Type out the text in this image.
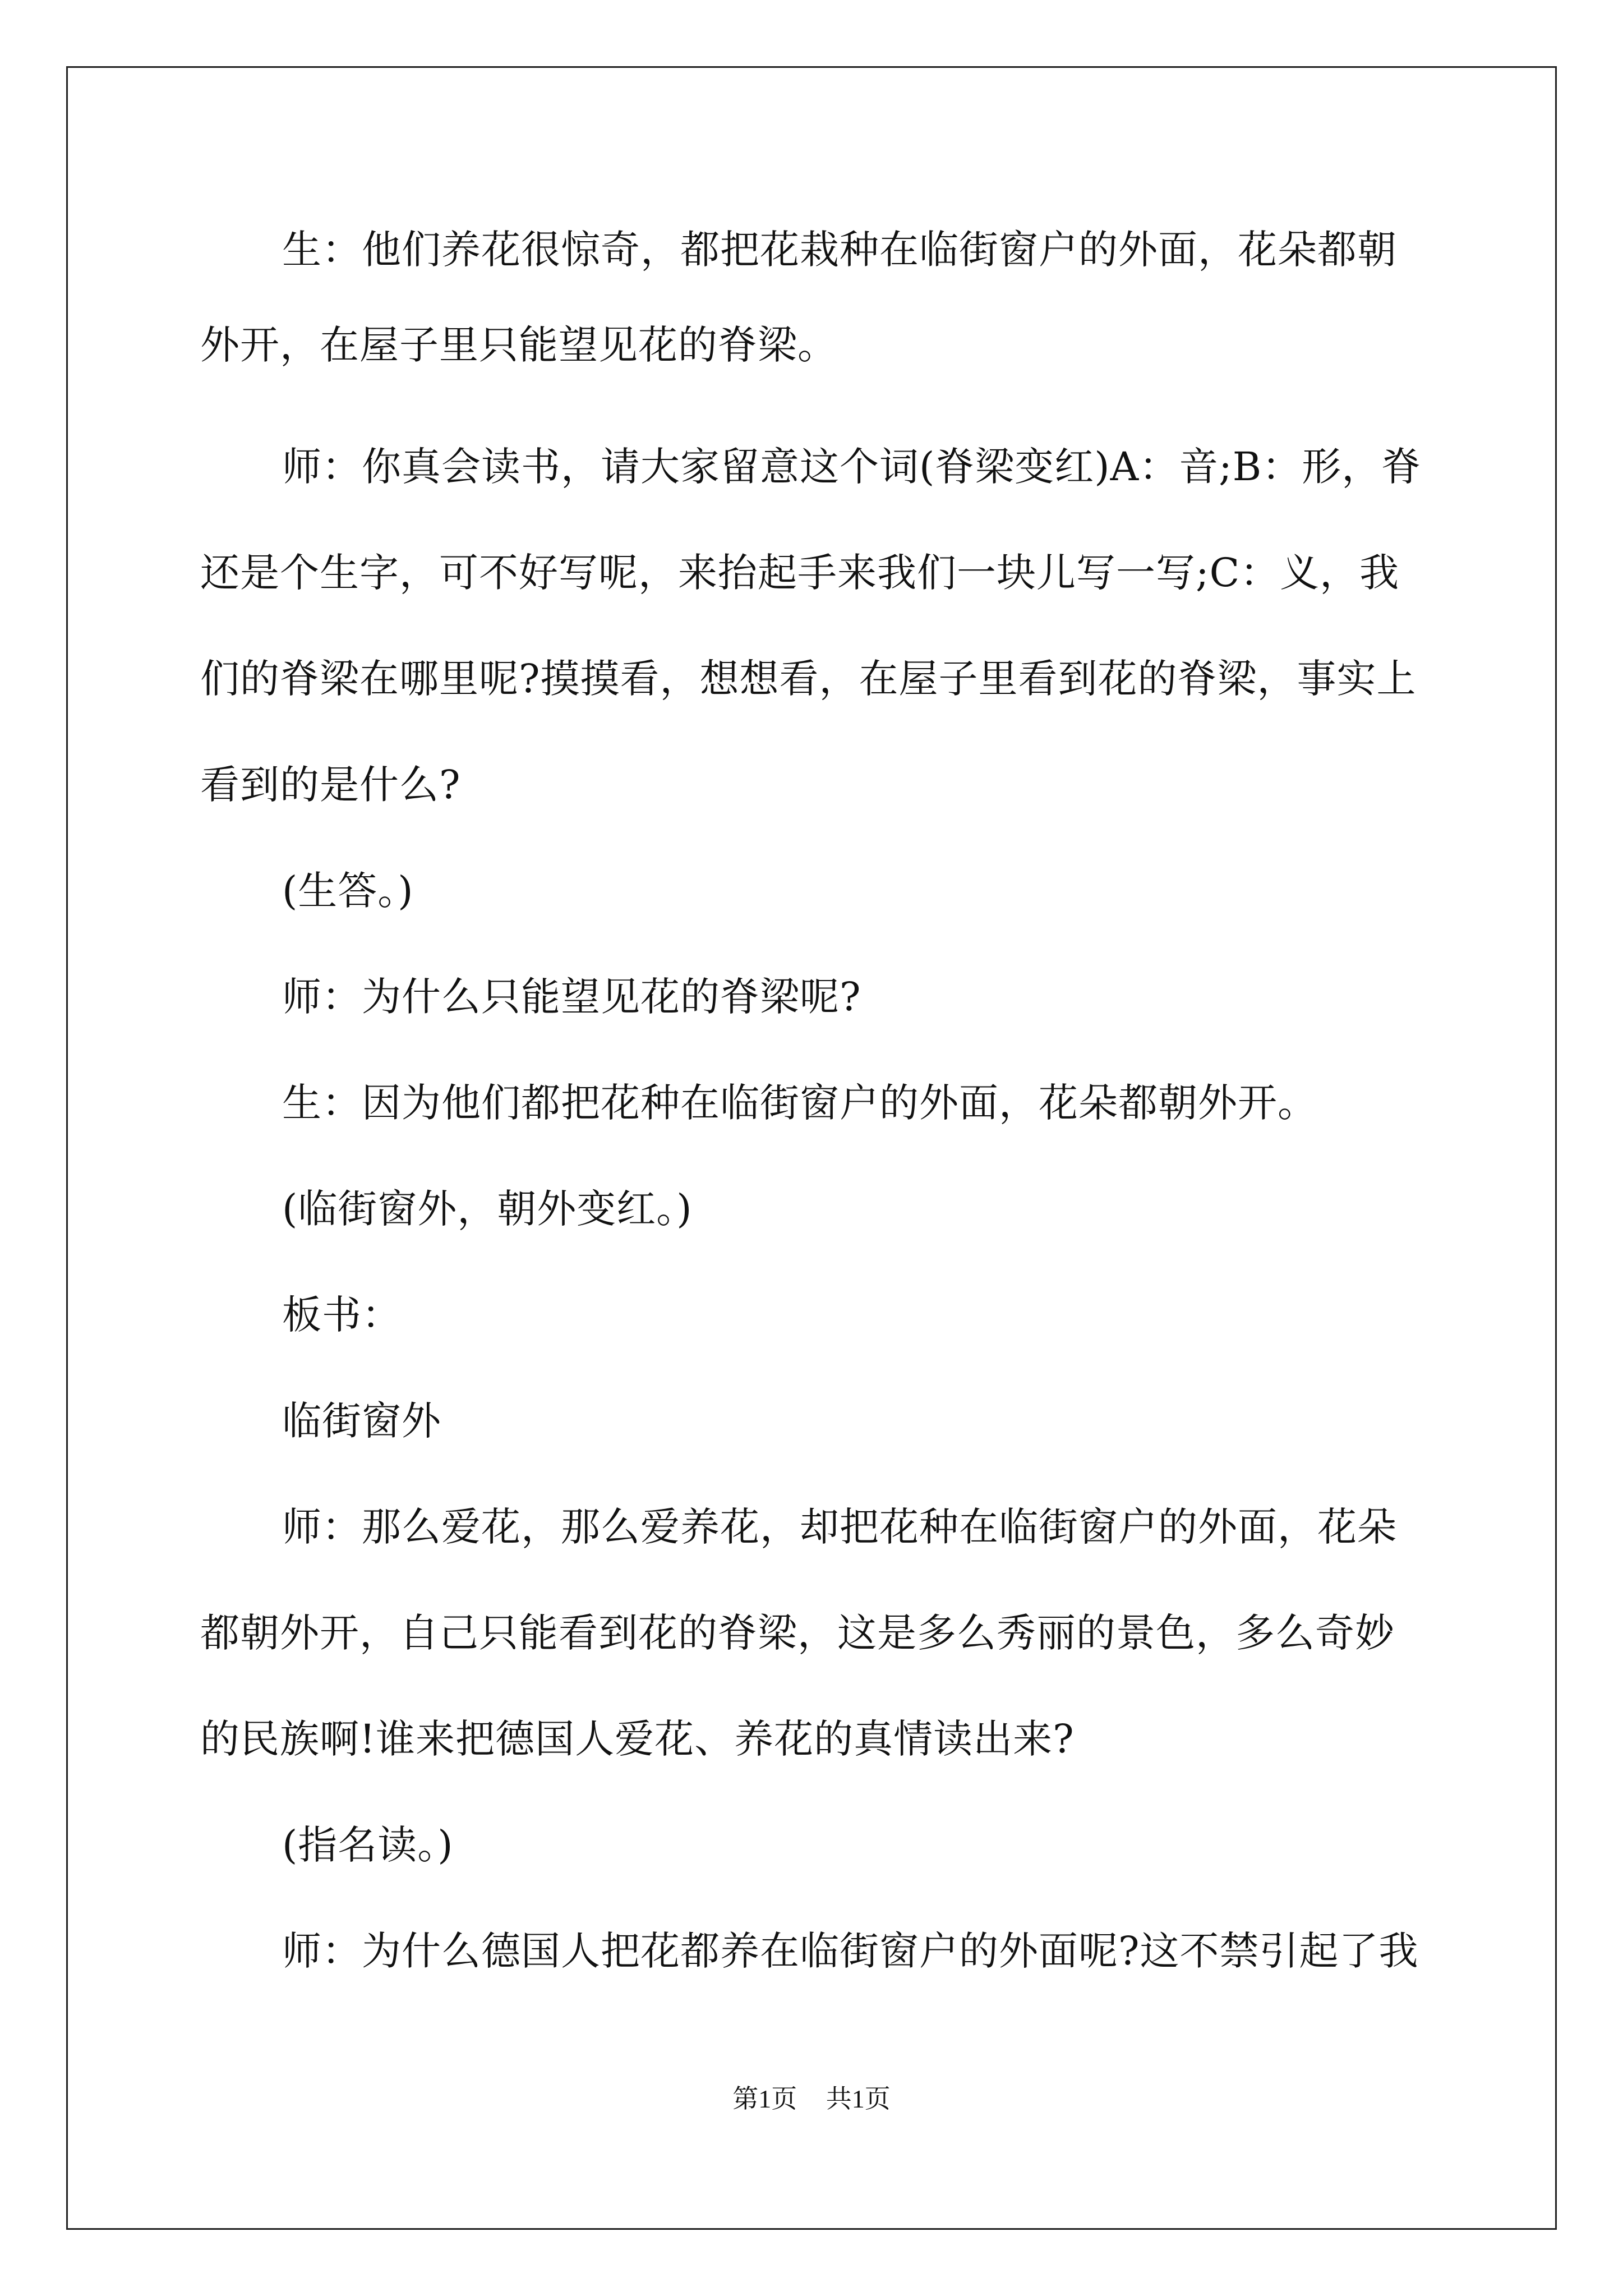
生：他们养花很惊奇，都把花栽种在临街窗户的外面，花朵都朝
外开，在屋子里只能望见花的脊梁。
师：你真会读书，请大家留意这个词(脊梁变红)A：音;B：形，脊
还是个生字，可不好写呢，来抬起手来我们一块儿写一写;C：义，我
们的脊梁在哪里呢?摸摸看，想想看，在屋子里看到花的脊梁，事实上
看到的是什么?
(生答。)
师：为什么只能望见花的脊梁呢?
生：因为他们都把花种在临街窗户的外面，花朵都朝外开。
(临街窗外，朝外变红。)
板书：
临街窗外
师：那么爱花，那么爱养花，却把花种在临街窗户的外面，花朵
都朝外开，自己只能看到花的脊梁，这是多么秀丽的景色，多么奇妙
的民族啊!谁来把德国人爱花、养花的真情读出来?
(指名读。)
师：为什么德国人把花都养在临街窗户的外面呢?这不禁引起了我
第1页 共1页
